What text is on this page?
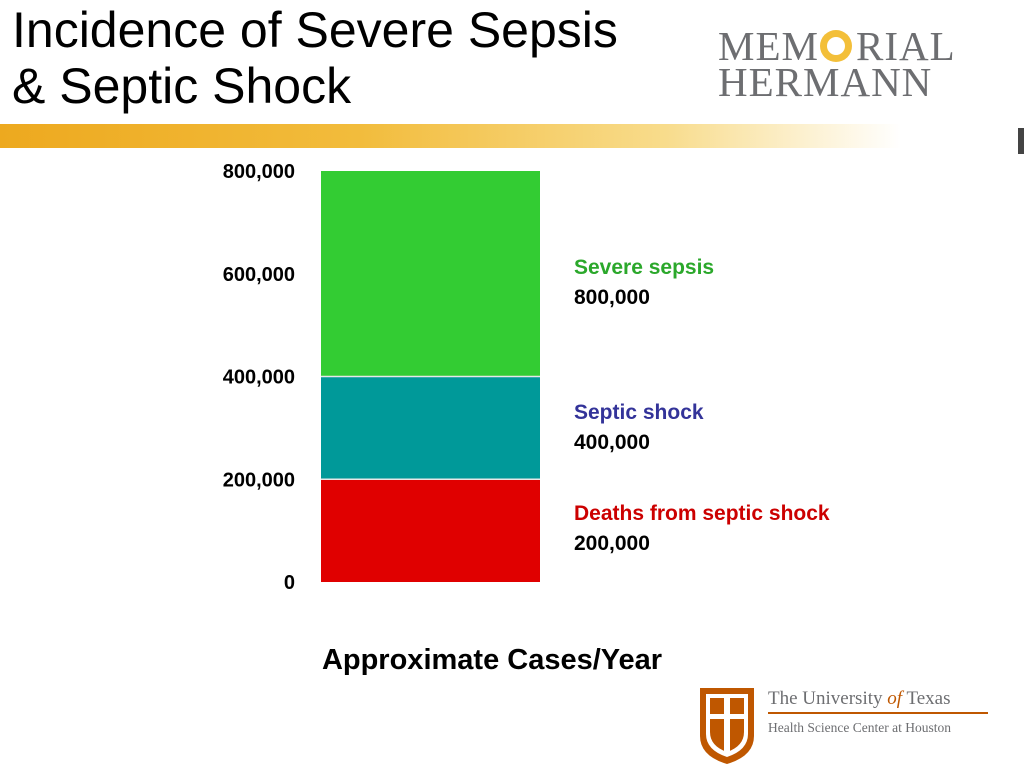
Incidence of Severe Sepsis
& Septic Shock
MEM RIAL
HERMANN
800,000
600,000
400,000
200,000
0
Severe sepsis
800,000
Septic shock
400,000
Deaths from septic shock
200,000
Approximate Cases/Year
The University of Texas
Health Science Center at Houston
